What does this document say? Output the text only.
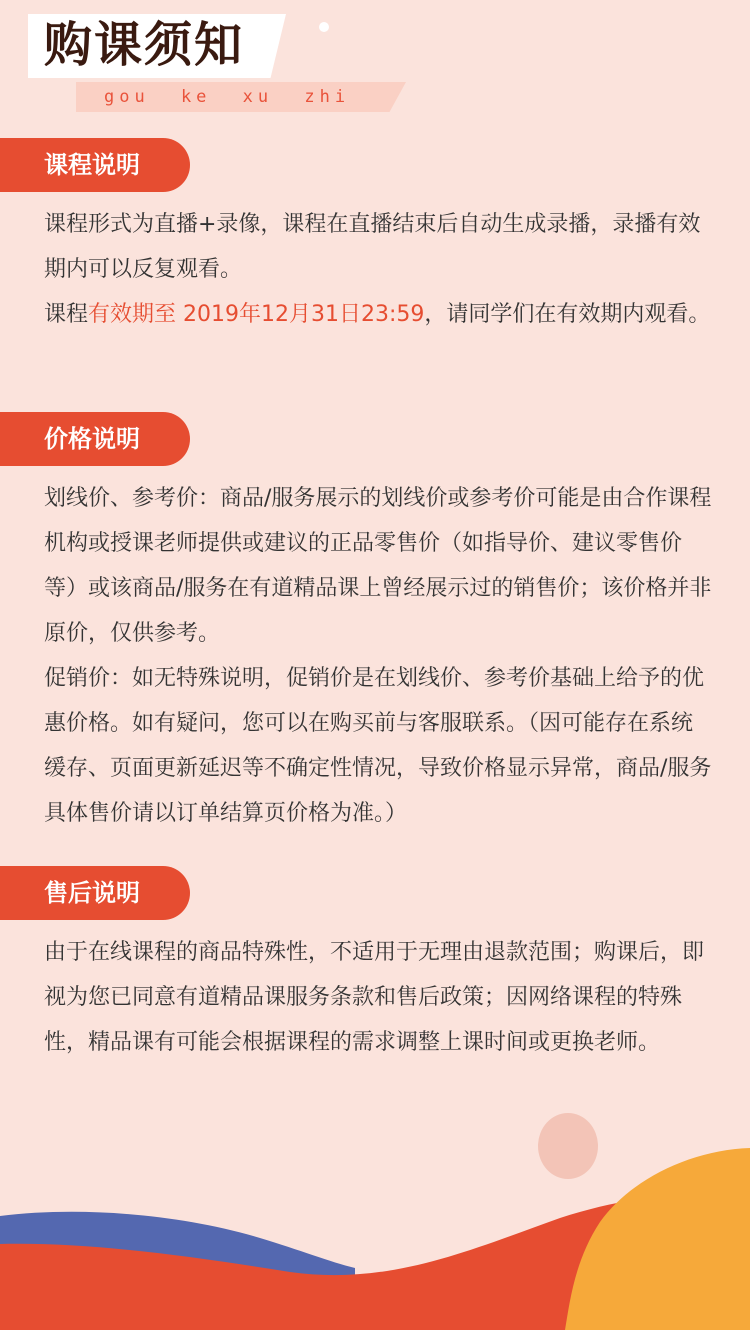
购课须知
gou ke xu zhi
课程说明

课程形式为直播+录像，课程在直播结束后自动生成录播，录播有效期内可以反复观看。

课程有效期至 2019年12月31日23:59，请同学们在有效期内观看。

价格说明

划线价、参考价：商品/服务展示的划线价或参考价可能是由合作课程机构或授课老师提供或建议的正品零售价（如指导价、建议零售价等）或该商品/服务在有道精品课上曾经展示过的销售价；该价格并非原价，仅供参考。

促销价：如无特殊说明，促销价是在划线价、参考价基础上给予的优惠价格。如有疑问，您可以在购买前与客服联系。（因可能存在系统缓存、页面更新延迟等不确定性情况，导致价格显示异常，商品/服务具体售价请以订单结算页价格为准。）

售后说明

由于在线课程的商品特殊性，不适用于无理由退款范围；购课后，即视为您已同意有道精品课服务条款和售后政策；因网络课程的特殊性，精品课有可能会根据课程的需求调整上课时间或更换老师。
